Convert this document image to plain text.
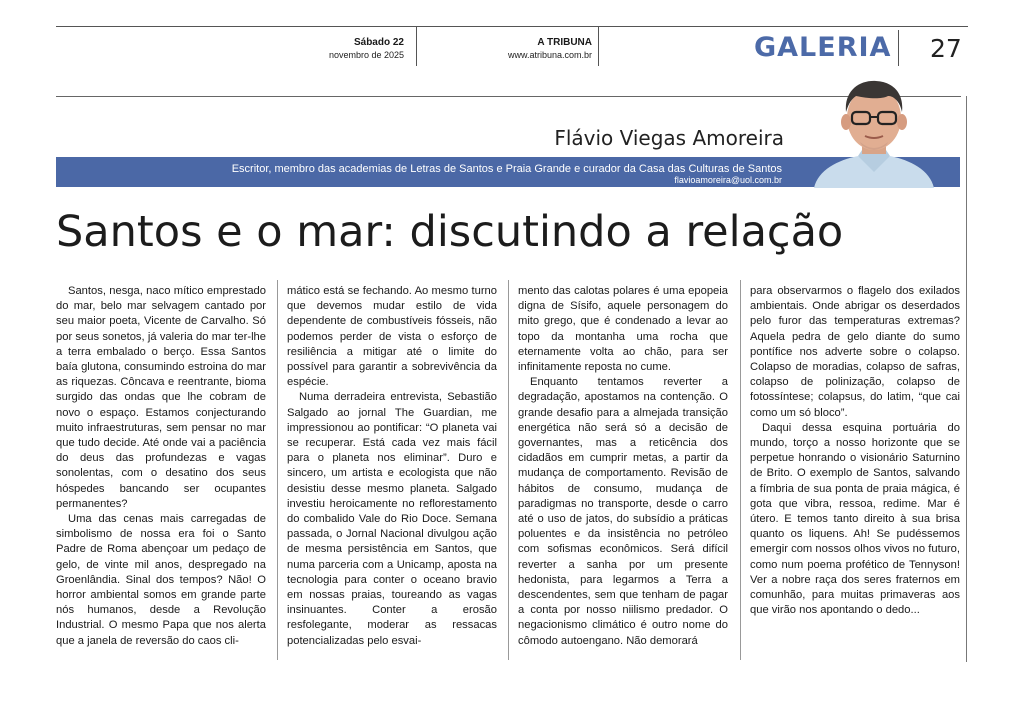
Sábado 22
novembro de 2025
A TRIBUNA
www.atribuna.com.br	GALERIA 27
Flávio Viegas Amoreira
Escritor, membro das academias de Letras de Santos e Praia Grande e curador da Casa das Culturas de Santos
flavioamoreira@uol.com.br
Santos e o mar: discutindo a relação

Santos, nesga, naco mítico emprestado do mar, belo mar selvagem cantado por seu maior poeta, Vicente de Carvalho. Só por seus sonetos, já valeria do mar ter-lhe a terra embalado o berço. Essa Santos baía glutona, consumindo estroina do mar as riquezas. Côncava e reentrante, bioma surgido das ondas que lhe cobram de novo o espaço. Estamos conjecturando muito infraestruturas, sem pensar no mar que tudo decide. Até onde vai a paciência do deus das profundezas e vagas sonolentas, com o desatino dos seus hóspedes bancando ser ocupantes permanentes?

Uma das cenas mais carregadas de simbolismo de nossa era foi o Santo Padre de Roma abençoar um pedaço de gelo, de vinte mil anos, despregado na Groenlândia. Sinal dos tempos? Não! O horror ambiental somos em grande parte nós humanos, desde a Revolução Industrial. O mesmo Papa que nos alerta que a janela de reversão do caos cli-

mático está se fechando. Ao mesmo turno que devemos mudar estilo de vida dependente de combustíveis fósseis, não podemos perder de vista o esforço de resiliência a mitigar até o limite do possível para garantir a sobrevivência da espécie.

Numa derradeira entrevista, Sebastião Salgado ao jornal The Guardian, me impressionou ao pontificar: “O planeta vai se recuperar. Está cada vez mais fácil para o planeta nos eliminar”. Duro e sincero, um artista e ecologista que não desistiu desse mesmo planeta. Salgado investiu heroicamente no reflorestamento do combalido Vale do Rio Doce. Semana passada, o Jornal Nacional divulgou ação de mesma persistência em Santos, que numa parceria com a Unicamp, aposta na tecnologia para conter o oceano bravio em nossas praias, toureando as vagas insinuantes. Conter a erosão resfolegante, moderar as ressacas potencializadas pelo esvai-

mento das calotas polares é uma epopeia digna de Sísifo, aquele personagem do mito grego, que é condenado a levar ao topo da montanha uma rocha que eternamente volta ao chão, para ser infinitamente reposta no cume.

Enquanto tentamos reverter a degradação, apostamos na contenção. O grande desafio para a almejada transição energética não será só a decisão de governantes, mas a reticência dos cidadãos em cumprir metas, a partir da mudança de comportamento. Revisão de hábitos de consumo, mudança de paradigmas no transporte, desde o carro até o uso de jatos, do subsídio a práticas poluentes e da insistência no petróleo com sofismas econômicos. Será difícil reverter a sanha por um presente hedonista, para legarmos a Terra a descendentes, sem que tenham de pagar a conta por nosso niilismo predador. O negacionismo climático é outro nome do cômodo autoengano. Não demorará

para observarmos o flagelo dos exilados ambientais. Onde abrigar os deserdados pelo furor das temperaturas extremas? Aquela pedra de gelo diante do sumo pontífice nos adverte sobre o colapso. Colapso de moradias, colapso de safras, colapso de polinização, colapso de fotossíntese; colapsus, do latim, “que cai como um só bloco”.

Daqui dessa esquina portuária do mundo, torço a nosso horizonte que se perpetue honrando o visionário Saturnino de Brito. O exemplo de Santos, salvando a fímbria de sua ponta de praia mágica, é gota que vibra, ressoa, redime. Mar é útero. E temos tanto direito à sua brisa quanto os liquens. Ah! Se pudéssemos emergir com nossos olhos vivos no futuro, como num poema profético de Tennyson! Ver a nobre raça dos seres fraternos em comunhão, para muitas primaveras aos que virão nos apontando o dedo...
